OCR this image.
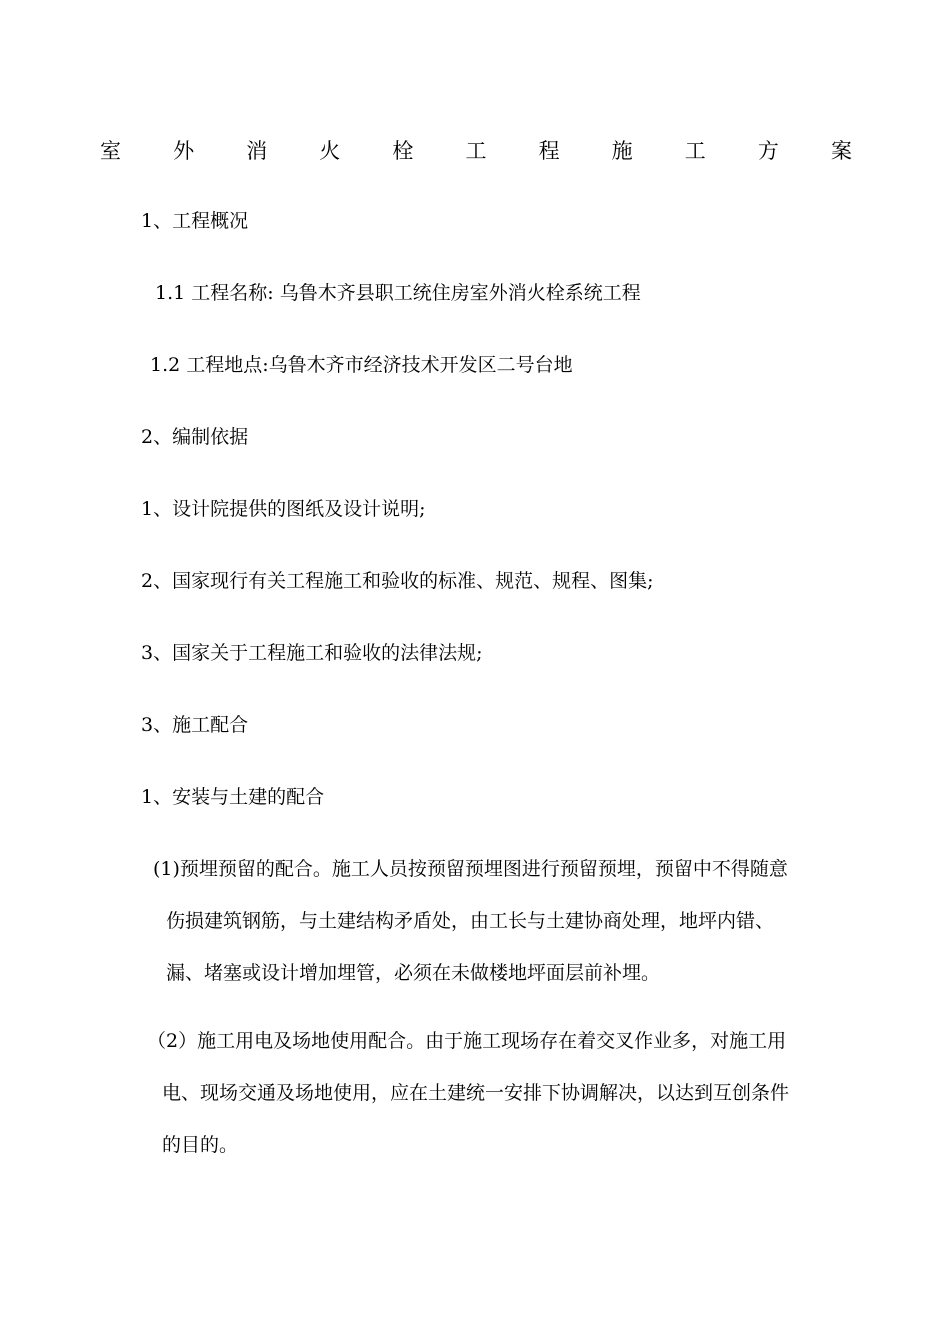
室 外 消 火 栓 工 程 施 工 方 案
1、工程概况
1.1 工程名称: 乌鲁木齐县职工统住房室外消火栓系统工程
1.2 工程地点:乌鲁木齐市经济技术开发区二号台地
2、编制依据
1、设计院提供的图纸及设计说明;
2、国家现行有关工程施工和验收的标准、规范、规程、图集;
3、国家关于工程施工和验收的法律法规;
3、施工配合
1、安装与土建的配合
(1)预埋预留的配合。施工人员按预留预埋图进行预留预埋，预留中不得随意
伤损建筑钢筋，与土建结构矛盾处，由工长与土建协商处理，地坪内错、
漏、堵塞或设计增加埋管，必须在未做楼地坪面层前补埋。
（2）施工用电及场地使用配合。由于施工现场存在着交叉作业多，对施工用
电、现场交通及场地使用，应在土建统一安排下协调解决，以达到互创条件
的目的。
